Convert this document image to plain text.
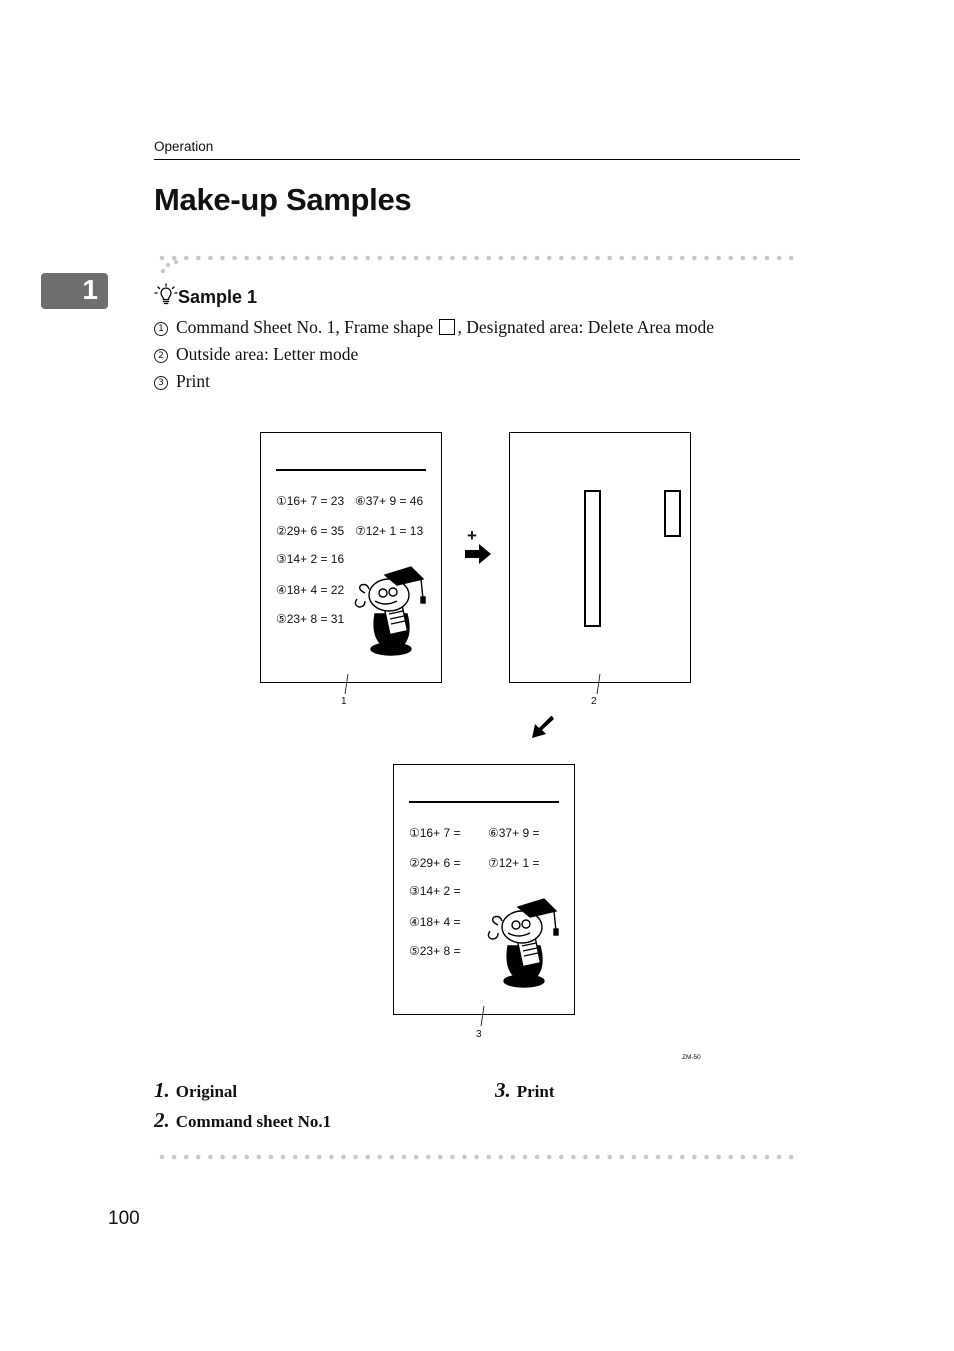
Operation
Make-up Samples
1	Sample 1
1 Command Sheet No. 1, Frame shape , Designated area: Delete Area mode
2 Outside area: Letter mode
3 Print
①16+ 7 = 23
②29+ 6 = 35
③14+ 2 = 16
④18+ 4 = 22
⑤23+ 8 = 31
⑥37+ 9 = 46
⑦12+ 1 = 13	+
1	2
①16+ 7 =
②29+ 6 =
③14+ 2 =
④18+ 4 =
⑤23+ 8 =
⑥37+ 9 =
⑦12+ 1 =
3
ZM-50
1. Original
2. Command sheet No.1
3. Print
100
